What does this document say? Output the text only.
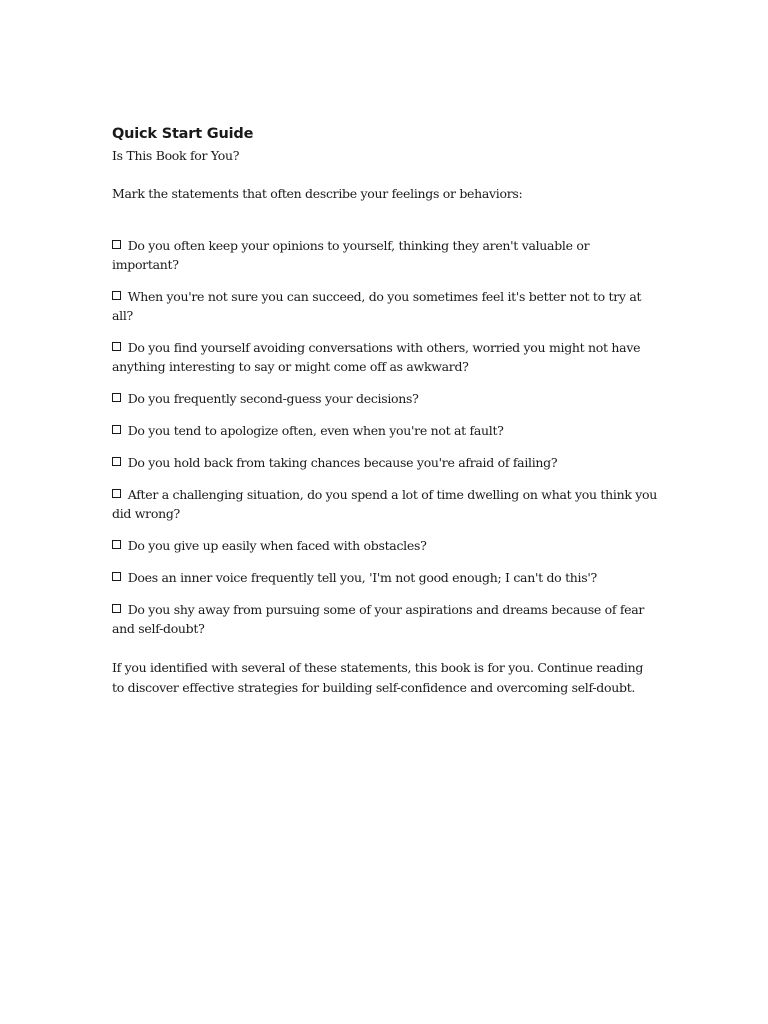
Quick Start Guide

Is This Book for You?

Mark the statements that often describe your feelings or behaviors:

Do you often keep your opinions to yourself, thinking they aren't valuable or important?
When you're not sure you can succeed, do you sometimes feel it's better not to try at all?
Do you find yourself avoiding conversations with others, worried you might not have anything interesting to say or might come off as awkward?
Do you frequently second-guess your decisions?
Do you tend to apologize often, even when you're not at fault?
Do you hold back from taking chances because you're afraid of failing?
After a challenging situation, do you spend a lot of time dwelling on what you think you did wrong?
Do you give up easily when faced with obstacles?
Does an inner voice frequently tell you, 'I'm not good enough; I can't do this'?
Do you shy away from pursuing some of your aspirations and dreams because of fear and self-doubt?

If you identified with several of these statements, this book is for you. Continue reading to discover effective strategies for building self-confidence and overcoming self-doubt.
